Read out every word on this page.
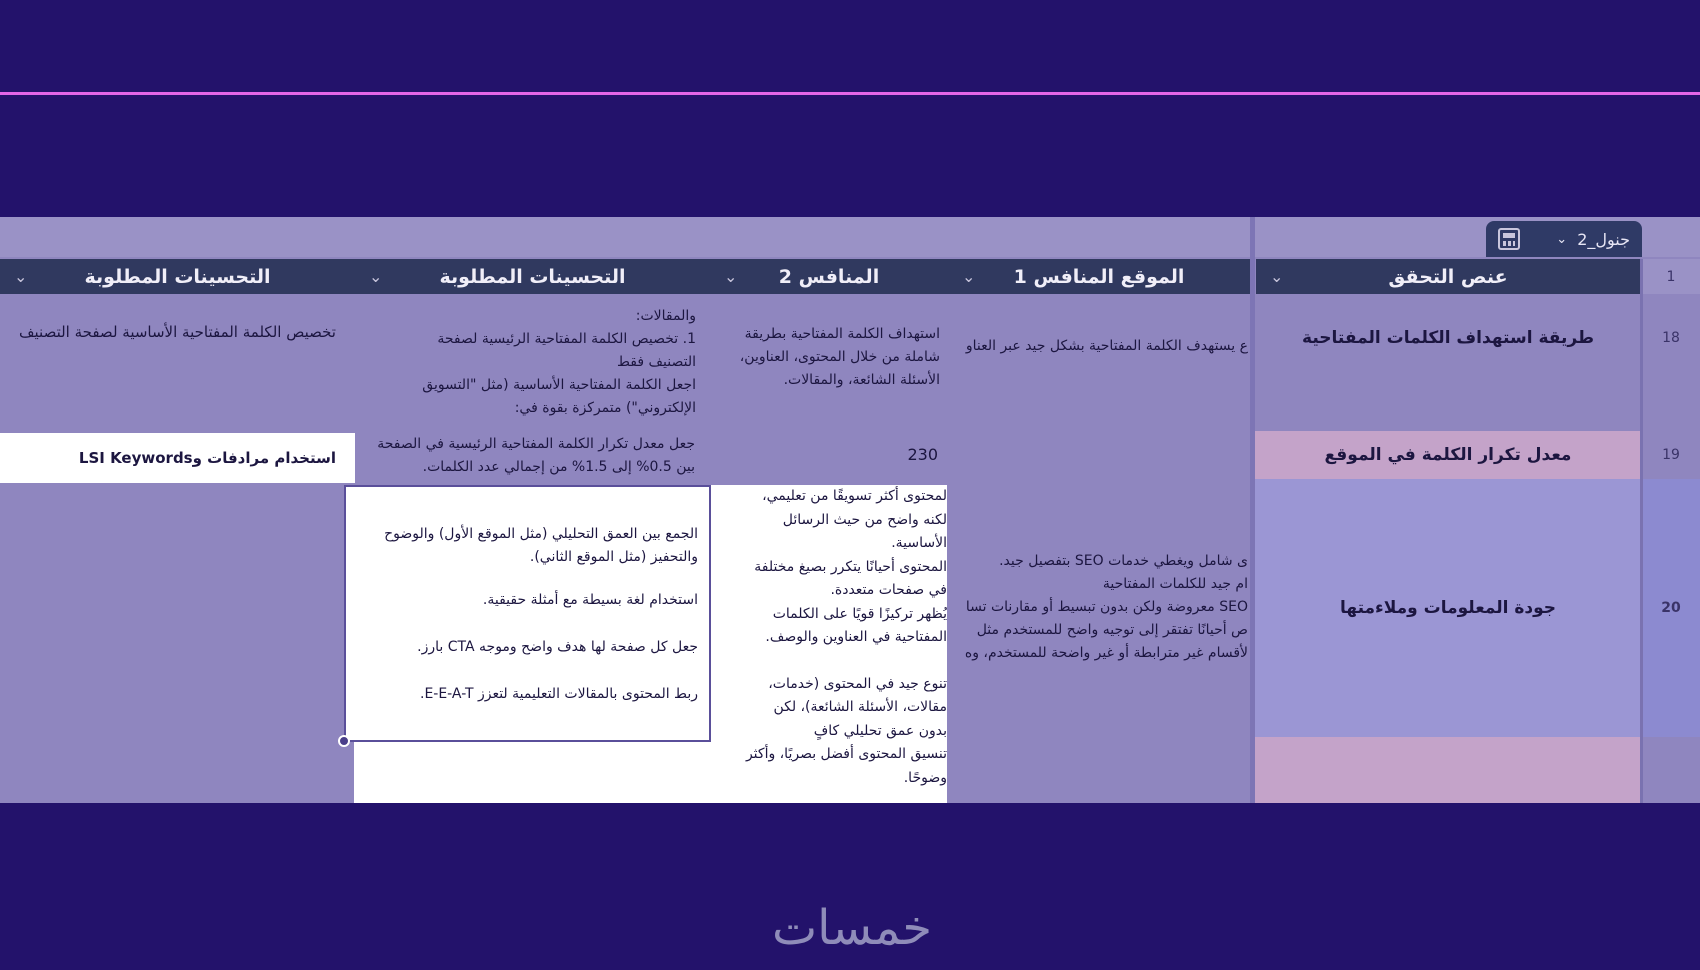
جنول_2
⌄
1
عنص التحقق
⌄
الموقع المنافس 1
⌄
المنافس 2
⌄
التحسينات المطلوبة
⌄
التحسينات المطلوبة
⌄
18
19
20
طريقة استهداف الكلمات المفتاحية
معدل تكرار الكلمة في الموقع
جودة المعلومات وملاءمتها
ع يستهدف الكلمة المفتاحية بشكل جيد عبر العناو
استهداف الكلمة المفتاحية بطريقة
شاملة من خلال المحتوى، العناوين،
الأسئلة الشائعة، والمقالات.
والمقالات:
1. تخصيص الكلمة المفتاحية الرئيسية لصفحة
التصنيف فقط
اجعل الكلمة المفتاحية الأساسية (مثل "التسويق
الإلكتروني") متمركزة بقوة في:
تخصيص الكلمة المفتاحية الأساسية لصفحة التصنيف
230
جعل معدل تكرار الكلمة المفتاحية الرئيسية في الصفحة
بين 0.5% إلى 1.5% من إجمالي عدد الكلمات.
استخدام مرادفات وLSI Keywords
ى شامل ويغطي خدمات SEO بتفصيل جيد.
ام جيد للكلمات المفتاحية
SEO معروضة ولكن بدون تبسيط أو مقارنات تسا
ص أحيانًا تفتقر إلى توجيه واضح للمستخدم مثل
لأقسام غير مترابطة أو غير واضحة للمستخدم، وه
لمحتوى أكثر تسويقًا من تعليمي،
لكنه واضح من حيث الرسائل
الأساسية.
المحتوى أحيانًا يتكرر بصيغ مختلفة
في صفحات متعددة.
يُظهر تركيزًا قويًا على الكلمات
المفتاحية في العناوين والوصف.
تنوع جيد في المحتوى (خدمات،
مقالات، الأسئلة الشائعة)، لكن
بدون عمق تحليلي كافٍ
تنسيق المحتوى أفضل بصريًا، وأكثر
وضوحًا.

الجمع بين العمق التحليلي (مثل الموقع الأول) والوضوح والتحفيز (مثل الموقع الثاني).

استخدام لغة بسيطة مع أمثلة حقيقية.

جعل كل صفحة لها هدف واضح وموجه CTA بارز.

ربط المحتوى بالمقالات التعليمية لتعزز E-E-A-T.

خمسات
